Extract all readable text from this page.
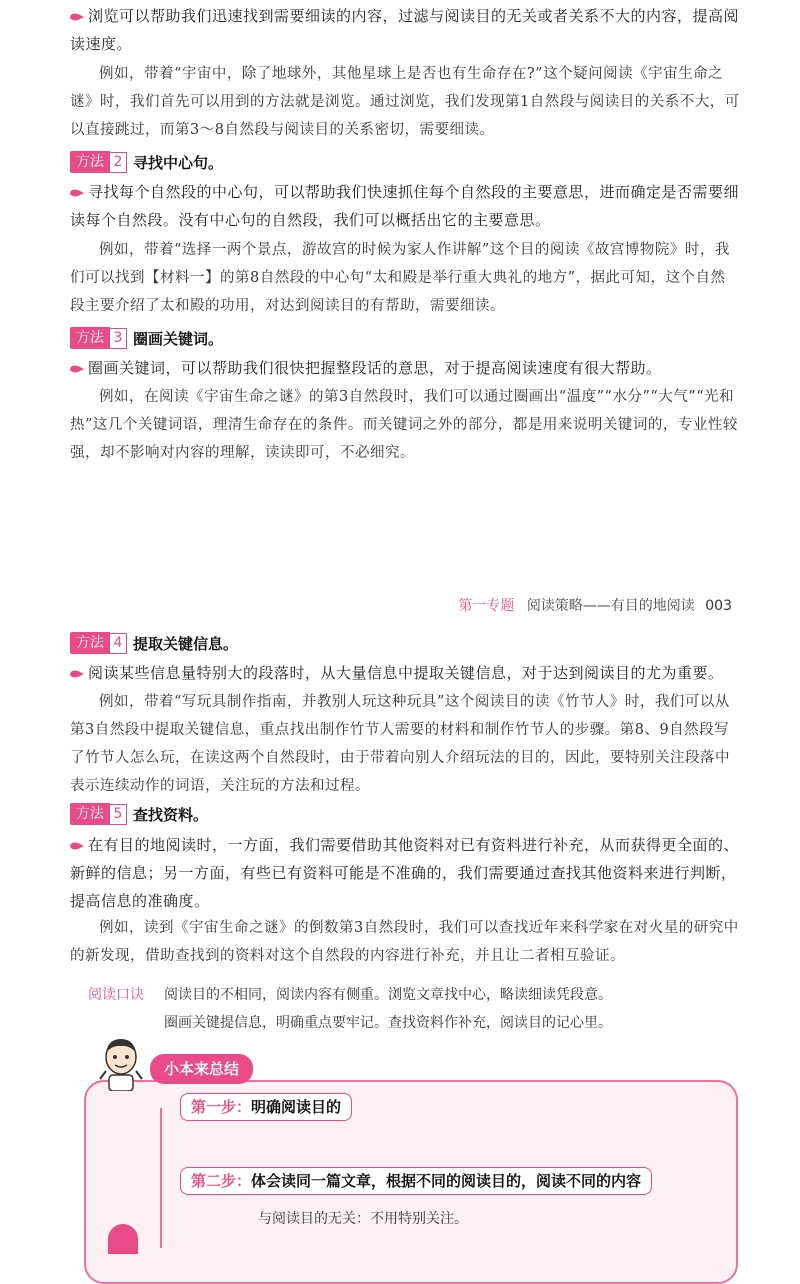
浏览可以帮助我们迅速找到需要细读的内容，过滤与阅读目的无关或者关系不大的内容，提高阅读速度。
例如，带着“宇宙中，除了地球外，其他星球上是否也有生命存在?”这个疑问阅读《宇宙生命之谜》时，我们首先可以用到的方法就是浏览。通过浏览，我们发现第1自然段与阅读目的关系不大，可以直接跳过，而第3～8自然段与阅读目的关系密切，需要细读。
方法 2 寻找中心句。
寻找每个自然段的中心句，可以帮助我们快速抓住每个自然段的主要意思，进而确定是否需要细读每个自然段。没有中心句的自然段，我们可以概括出它的主要意思。
例如，带着“选择一两个景点，游故宫的时候为家人作讲解”这个目的阅读《故宫博物院》时，我们可以找到【材料一】的第8自然段的中心句“太和殿是举行重大典礼的地方”，据此可知，这个自然段主要介绍了太和殿的功用，对达到阅读目的有帮助，需要细读。
方法 3 圈画关键词。
圈画关键词，可以帮助我们很快把握整段话的意思，对于提高阅读速度有很大帮助。
例如，在阅读《宇宙生命之谜》的第3自然段时，我们可以通过圈画出“温度”“水分”“大气”“光和热”这几个关键词语，理清生命存在的条件。而关键词之外的部分，都是用来说明关键词的，专业性较强，却不影响对内容的理解，读读即可，不必细究。
第一专题 阅读策略——有目的地阅读 003
方法 4 提取关键信息。
阅读某些信息量特别大的段落时，从大量信息中提取关键信息，对于达到阅读目的尤为重要。
例如，带着“写玩具制作指南，并教别人玩这种玩具”这个阅读目的读《竹节人》时，我们可以从第3自然段中提取关键信息，重点找出制作竹节人需要的材料和制作竹节人的步骤。第8、9自然段写了竹节人怎么玩，在读这两个自然段时，由于带着向别人介绍玩法的目的，因此，要特别关注段落中表示连续动作的词语，关注玩的方法和过程。
方法 5 查找资料。
在有目的地阅读时，一方面，我们需要借助其他资料对已有资料进行补充，从而获得更全面的、新鲜的信息；另一方面，有些已有资料可能是不准确的，我们需要通过查找其他资料来进行判断，提高信息的准确度。
例如，读到《宇宙生命之谜》的倒数第3自然段时，我们可以查找近年来科学家在对火星的研究中的新发现，借助查找到的资料对这个自然段的内容进行补充，并且让二者相互验证。
阅读口诀 阅读目的不相同，阅读内容有侧重。浏览文章找中心，略读细读凭段意。
圈画关键提信息，明确重点要牢记。查找资料作补充，阅读目的记心里。
小本来总结
第一步：明确阅读目的
第二步：体会读同一篇文章，根据不同的阅读目的，阅读不同的内容
与阅读目的无关：不用特别关注。
